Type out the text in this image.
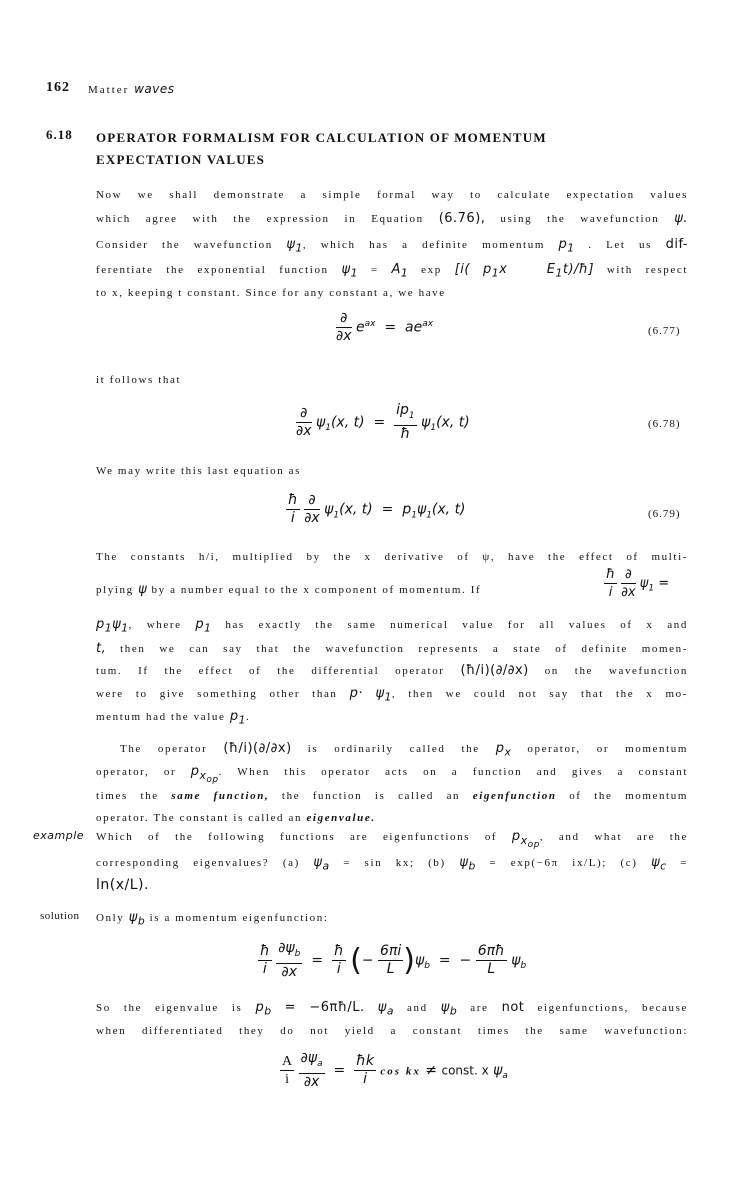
162 Matter waves
6.18 OPERATOR FORMALISM FOR CALCULATION OF MOMENTUM
EXPECTATION VALUES
Now we shall demonstrate a simple formal way to calculate expectation values
which agree with the expression in Equation (6.76), using the wavefunction ψ.
Consider the wavefunction $\psi_1$, which has a definite momentum $p_1$ . Let us dif-
ferentiate the exponential function $\psi_1 = A_1$ exp [i( $p_1x$	$E_1t)/ħ$] with respect
to x, keeping t constant. Since for any constant a, we have
$\frac{\partial}{\partial x} e^{ax} = ae^{ax}$
(6.77)
it follows that
$\frac{\partial}{\partial x} \psi_1(x$, $t) = \frac{ip_1}{ħ} \psi_1(x$, t)	(6.78)
We may write this last equation as
$\frac{ħ}{i}$
$\frac{\partial}{\partial x} \psi_1(x$, $t) = p_1\psi_1(x$, t)	(6.79)
The constants h/i, multiplied by the x derivative of ψ, have the effect of multi-
plying ψ by a number equal to the x component of momentum. If	$\frac{ħ}{i}$
$\frac{\partial}{\partial x} \psi_1$ =
$p_1\psi_1$, where $p_1$ has exactly the same numerical value for all values of x and
t, then we can say that the wavefunction represents a state of definite momen-
tum. If the effect of the differential operator (ħ/i)(∂/∂x) on the wavefunction
were to give something other than $p\cdot \psi_1$, then we could not say that the x mo-
mentum had the value $p_1$.
The operator (ħ/i)(∂/∂x) is ordinarily called the $p_x$ operator, or momentum
operator, or $p_{x_{op}}$. When this operator acts on a function and gives a constant
times the same function, the function is called an eigenfunction of the momentum
operator. The constant is called an eigenvalue.
example Which of the following functions are eigenfunctions of $p_{x_{op}}$, and what are the
corresponding eigenvalues? (a) $\psi_a = \sin$ kx; (b) $\psi_b = \exp(-6\pi$ ix/L); (c) $\psi_c$ =
ln(x/L).
solution Only $\psi_b$ is a momentum eigenfunction:
$\frac{ħ}{i}$
$\frac{\partial\psi_b}{\partial x} = \frac{ħ}{i}$ (− $\frac{6\pi i}{L} )\psi_b$ = − $\frac{6\pi ħ}{L} \psi_b$
So the eigenvalue is $p_b$ = −6πħ/L. $\psi_a$ and $\psi_b$ are not eigenfunctions, because
when differentiated they do not yield a constant times the same wavefunction:
$\frac{A}{i}$
$\frac{\partial\psi_a}{\partial x} = \frac{ħk}{i}$ cos kx ≠ const. x $\psi_a$
